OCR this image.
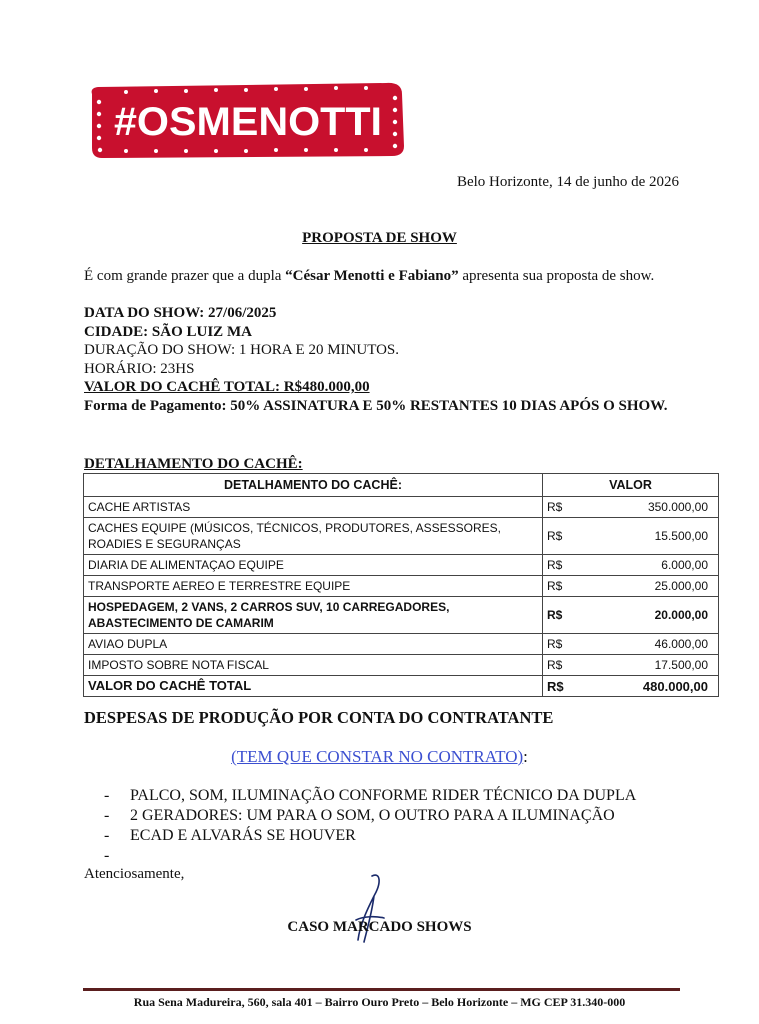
#OSMENOTTI
Belo Horizonte, 14 de junho de 2026
PROPOSTA DE SHOW
É com grande prazer que a dupla “César Menotti e Fabiano” apresenta sua proposta de show.
DATA DO SHOW: 27/06/2025
CIDADE: SÃO LUIZ MA
DURAÇÃO DO SHOW: 1 HORA E 20 MINUTOS.
HORÁRIO: 23HS
VALOR DO CACHÊ TOTAL: R$480.000,00
Forma de Pagamento: 50% ASSINATURA E 50% RESTANTES 10 DIAS APÓS O SHOW.
DETALHAMENTO DO CACHÊ:
DETALHAMENTO DO CACHÊ:	VALOR	
CACHE ARTISTAS	R$	350.000,00
CACHES EQUIPE (MÚSICOS, TÉCNICOS, PRODUTORES, ASSESSORES, ROADIES E SEGURANÇAS	R$	15.500,00
DIARIA DE ALIMENTAÇAO EQUIPE	R$	6.000,00
TRANSPORTE AEREO E TERRESTRE EQUIPE	R$	25.000,00
HOSPEDAGEM, 2 VANS, 2 CARROS SUV, 10 CARREGADORES, ABASTECIMENTO DE CAMARIM	R$	20.000,00
AVIAO DUPLA	R$	46.000,00
IMPOSTO SOBRE NOTA FISCAL	R$	17.500,00
VALOR DO CACHÊ TOTAL	R$	480.000,00
DESPESAS DE PRODUÇÃO POR CONTA DO CONTRATANTE
(TEM QUE CONSTAR NO CONTRATO):
- PALCO, SOM, ILUMINAÇÃO CONFORME RIDER TÉCNICO DA DUPLA
- 2 GERADORES: UM PARA O SOM, O OUTRO PARA A ILUMINAÇÃO
- ECAD E ALVARÁS SE HOUVER
-
Atenciosamente,
CASO MARCADO SHOWS
Rua Sena Madureira, 560, sala 401 – Bairro Ouro Preto – Belo Horizonte – MG CEP 31.340-000
